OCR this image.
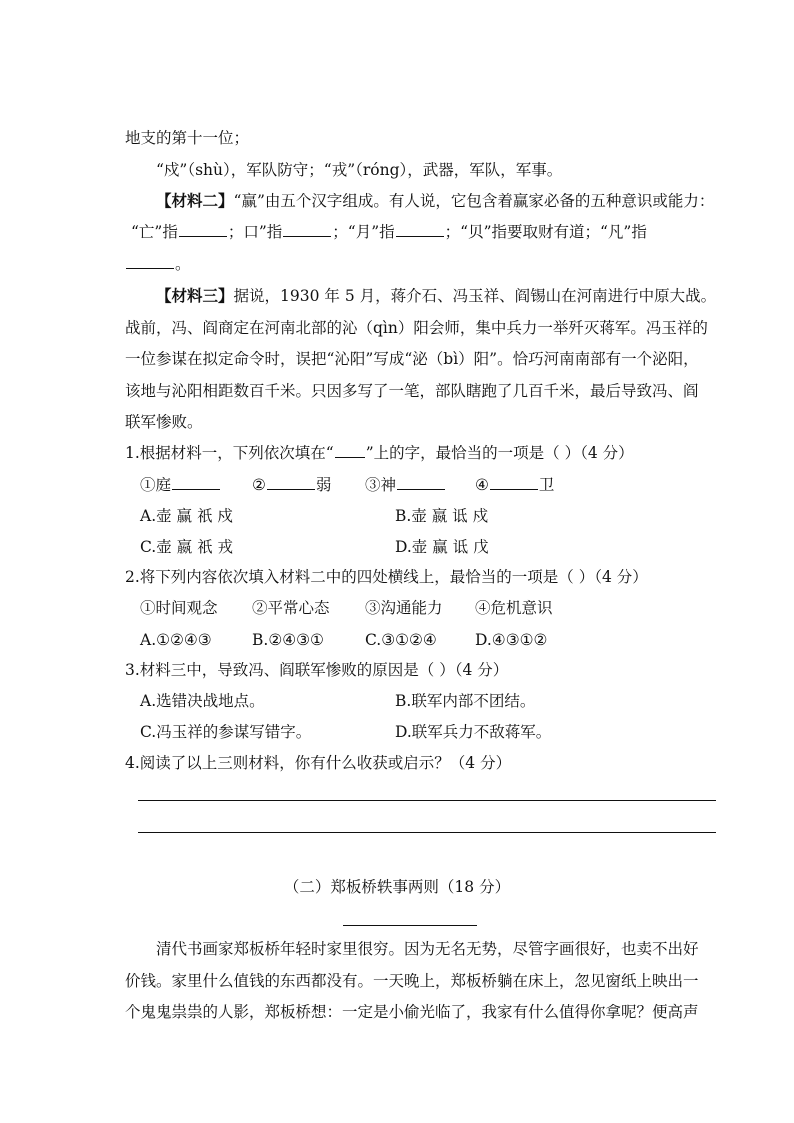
地支的第十一位；
“戍”（shù），军队防守；“戎”（róng），武器，军队，军事。
【材料二】“赢”由五个汉字组成。有人说，它包含着赢家必备的五种意识或能力：
“亡”指	；口”指	；“月”指	；“贝”指要取财有道；“凡”指
。
【材料三】据说，1930 年 5 月，蒋介石、冯玉祥、阎锡山在河南进行中原大战。
战前，冯、阎商定在河南北部的沁（qìn）阳会师，集中兵力一举歼灭蒋军。冯玉祥的
一位参谋在拟定命令时，误把“沁阳”写成“泌（bì）阳”。恰巧河南南部有一个泌阳，
该地与沁阳相距数百千米。只因多写了一笔，部队瞎跑了几百千米，最后导致冯、阎
联军惨败。
1.根据材料一，下列依次填在“ ”上的字，最恰当的一项是（ ）（4 分）
①庭	②	弱 ③神	④	卫
A.壶 赢 祇 戍	B.壶 嬴 诋 戍
C.壶 嬴 祇 戎	D.壶 赢 诋 戊
2.将下列内容依次填入材料二中的四处横线上，最恰当的一项是（ ）（4 分）
①时间观念 ②平常心态 ③沟通能力 ④危机意识
A.①②④③	B.②④③①	C.③①②④ D.④③①②
3.材料三中，导致冯、阎联军惨败的原因是（ ）（4 分）
A.选错决战地点。	B.联军内部不团结。
C.冯玉祥的参谋写错字。	D.联军兵力不敌蒋军。
4.阅读了以上三则材料，你有什么收获或启示？（4 分）
（二）郑板桥轶事两则（18 分）
清代书画家郑板桥年轻时家里很穷。因为无名无势，尽管字画很好，也卖不出好
价钱。家里什么值钱的东西都没有。一天晚上，郑板桥躺在床上，忽见窗纸上映出一
个鬼鬼祟祟的人影，郑板桥想：一定是小偷光临了，我家有什么值得你拿呢？便高声
